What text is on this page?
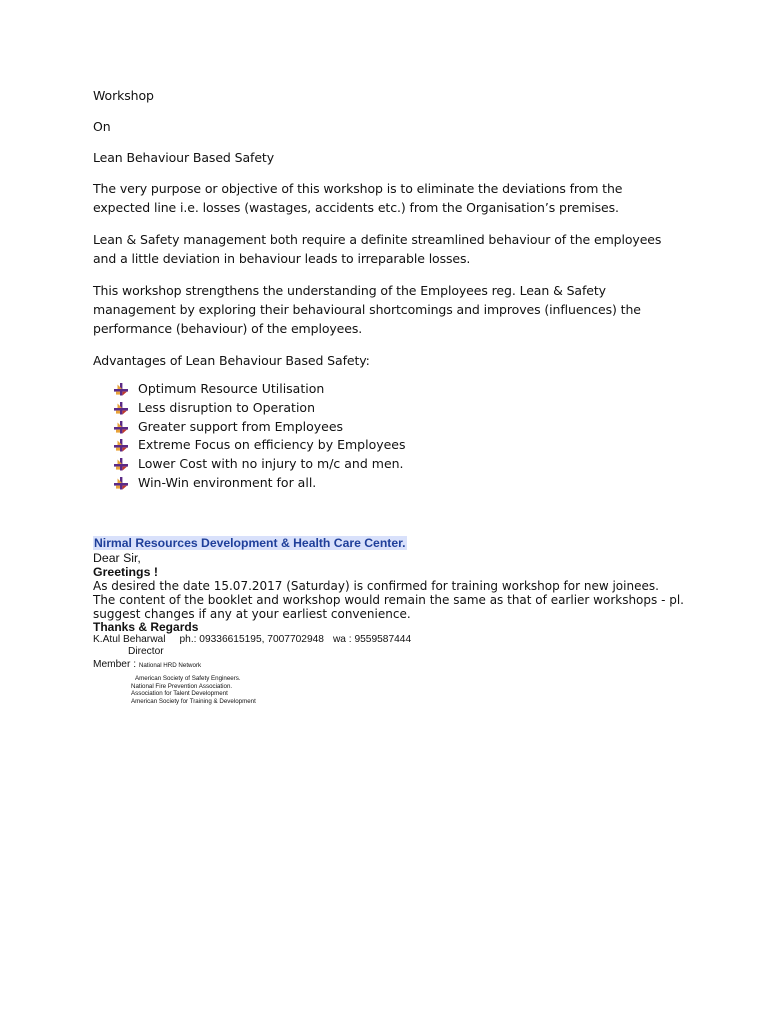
Workshop

On

Lean Behaviour Based Safety

The very purpose or objective of this workshop is to eliminate the deviations from the expected line i.e. losses (wastages, accidents etc.) from the Organisation’s premises.

Lean & Safety management both require a definite streamlined behaviour of the employees and a little deviation in behaviour leads to irreparable losses.

This workshop strengthens the understanding of the Employees reg. Lean & Safety management by exploring their behavioural shortcomings and improves (influences) the performance (behaviour) of the employees.

Advantages of Lean Behaviour Based Safety:

Optimum Resource Utilisation
Less disruption to Operation
Greater support from Employees
Extreme Focus on efficiency by Employees
Lower Cost with no injury to m/c and men.
Win-Win environment for all.
Nirmal Resources Development & Health Care Center.
Dear Sir,
Greetings !
As desired the date 15.07.2017 (Saturday) is confirmed for training workshop for new joinees.
The content of the booklet and workshop would remain the same as that of earlier workshops - pl.
suggest changes if any at your earliest convenience.
Thanks & Regards
K.Atul Beharwal ph.: 09336615195, 7007702948 wa : 9559587444
Director
Member : National HRD Network
American Society of Safety Engineers.
National Fire Prevention Association.
Association for Talent Development
American Society for Training & Development
